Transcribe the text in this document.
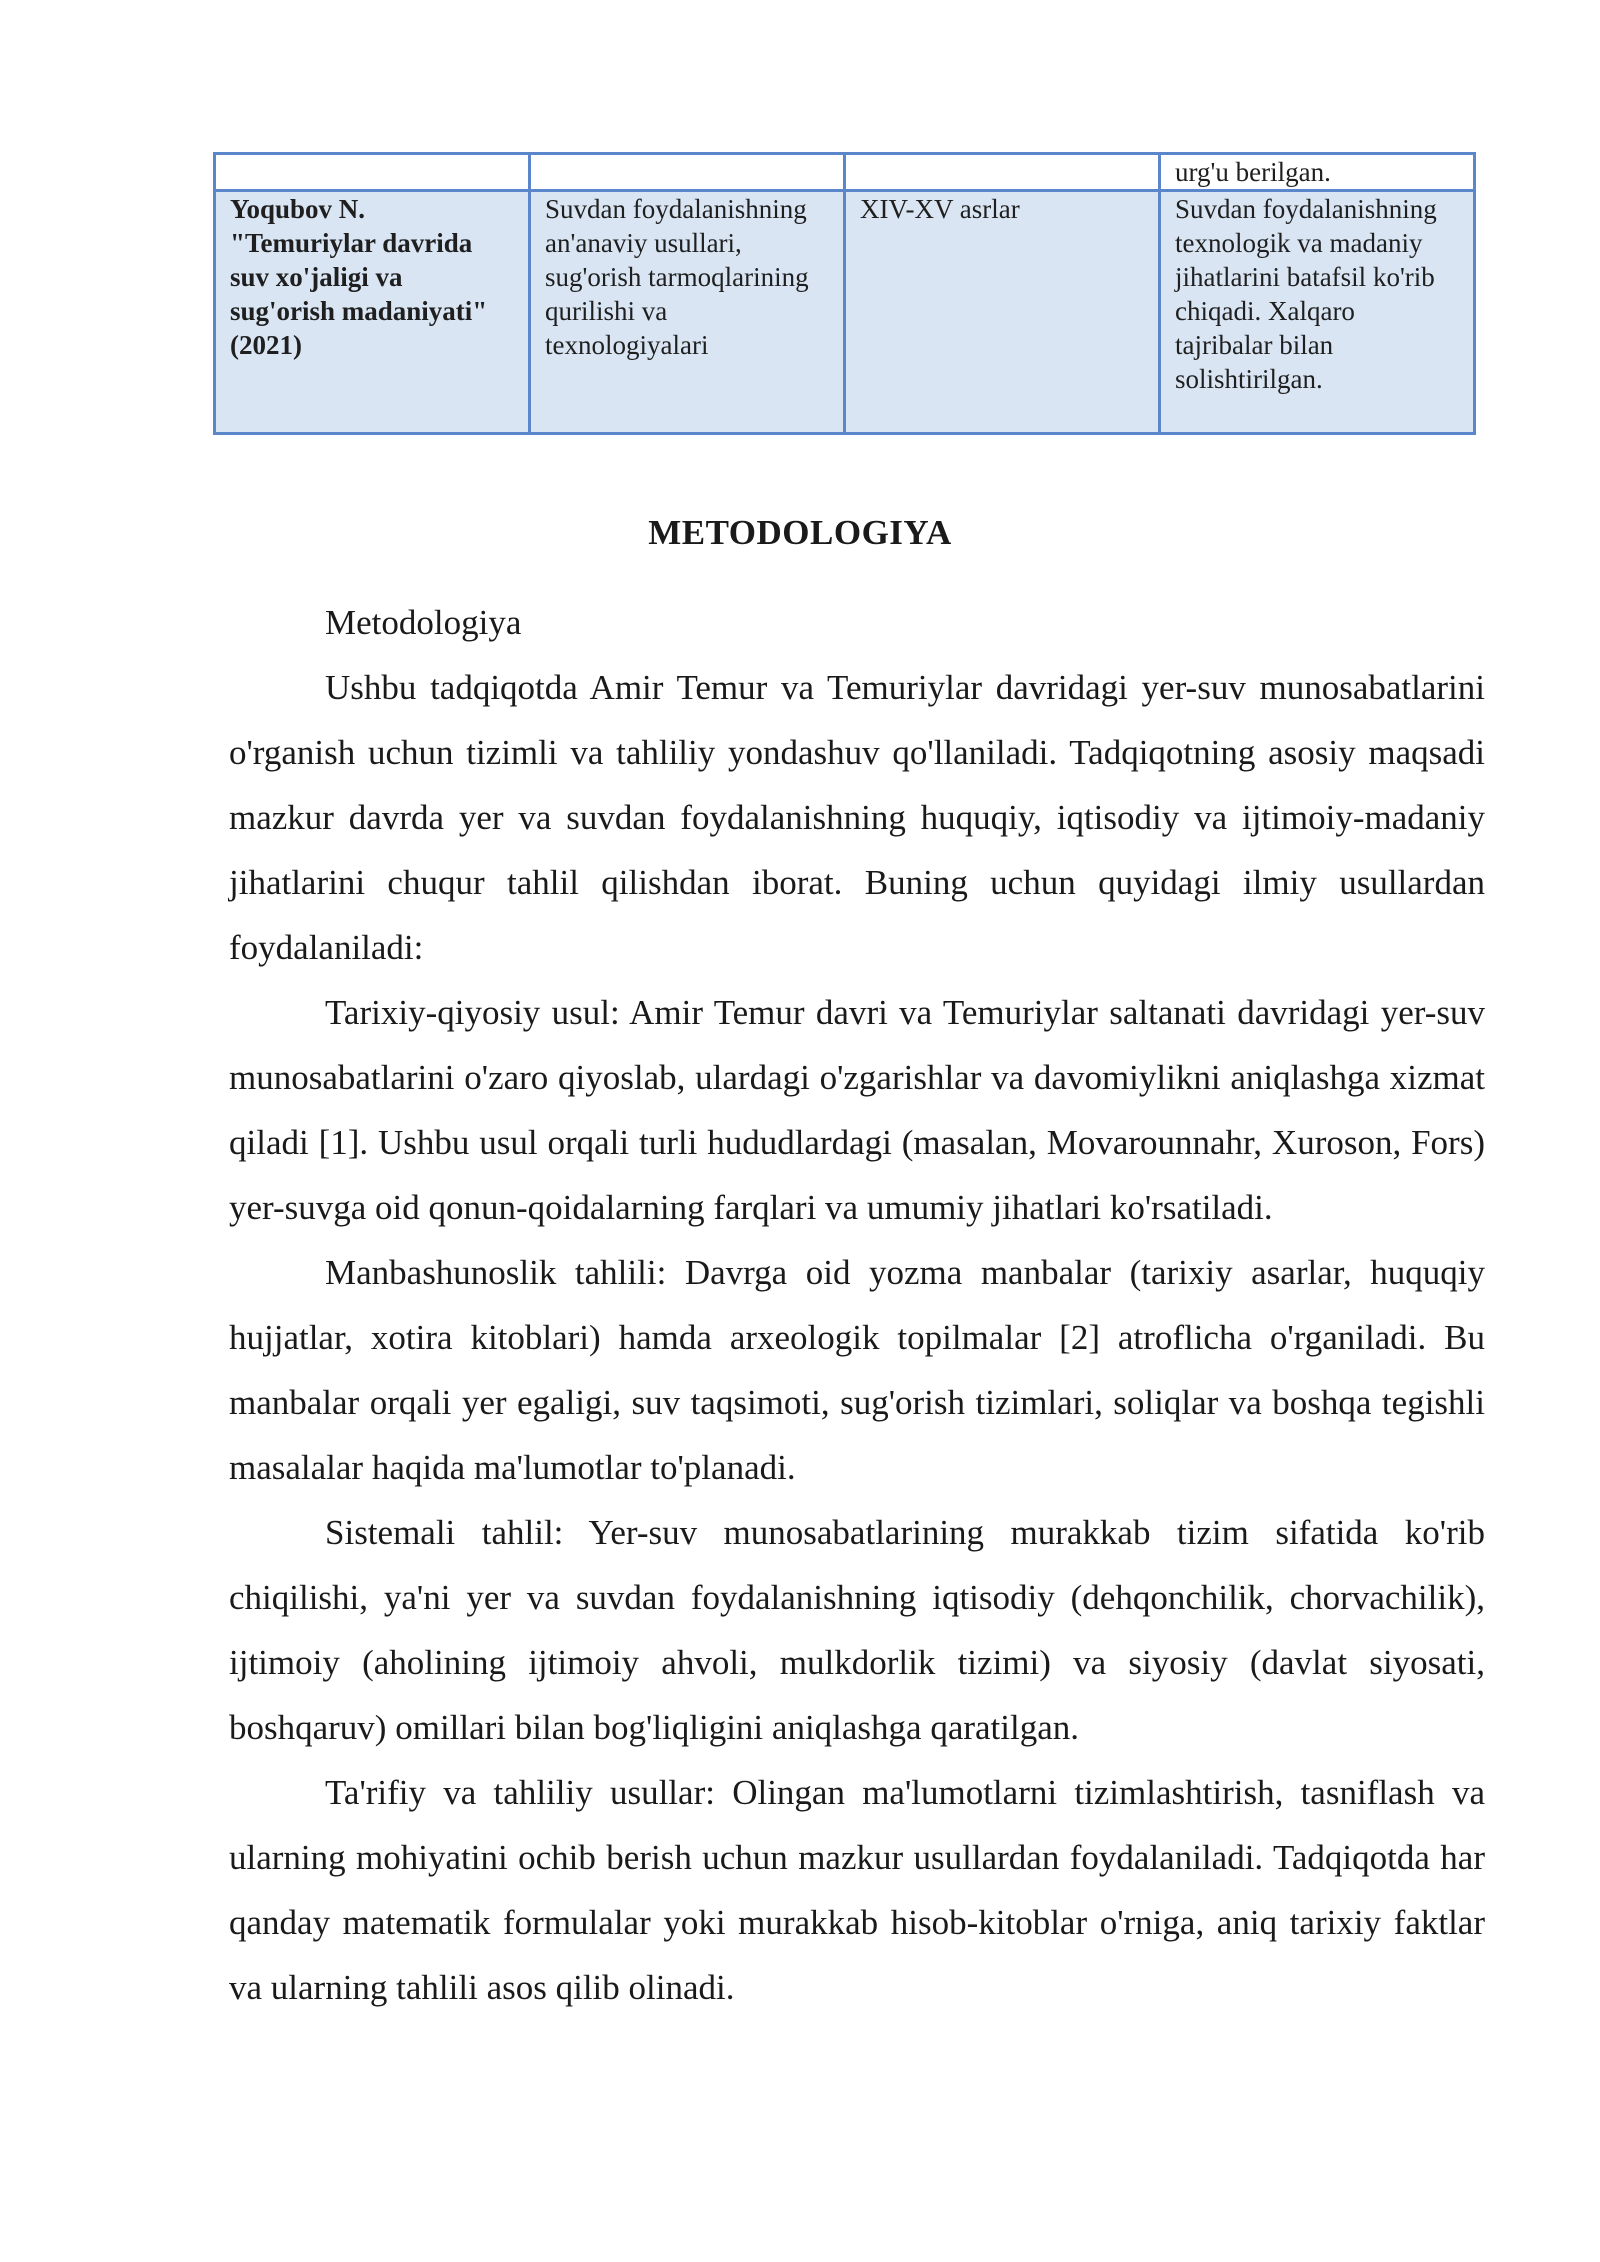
			urg'u berilgan.
Yoqubov N. "Temuriylar davrida suv xo'jaligi va sug'orish madaniyati" (2021)	Suvdan foydalanishning an'anaviy usullari, sug'orish tarmoqlarining qurilishi va texnologiyalari	XIV-XV asrlar	Suvdan foydalanishning texnologik va madaniy jihatlarini batafsil ko'rib chiqadi. Xalqaro tajribalar bilan solishtirilgan.
METODOLOGIYA

Metodologiya

Ushbu tadqiqotda Amir Temur va Temuriylar davridagi yer-suv munosabatlarini o'rganish uchun tizimli va tahliliy yondashuv qo'llaniladi. Tadqiqotning asosiy maqsadi mazkur davrda yer va suvdan foydalanishning huquqiy, iqtisodiy va ijtimoiy-madaniy jihatlarini chuqur tahlil qilishdan iborat. Buning uchun quyidagi ilmiy usullardan foydalaniladi:

Tarixiy-qiyosiy usul: Amir Temur davri va Temuriylar saltanati davridagi yer-suv munosabatlarini o'zaro qiyoslab, ulardagi o'zgarishlar va davomiylikni aniqlashga xizmat qiladi [1]. Ushbu usul orqali turli hududlardagi (masalan, Movarounnahr, Xuroson, Fors) yer-suvga oid qonun-qoidalarning farqlari va umumiy jihatlari ko'rsatiladi.

Manbashunoslik tahlili: Davrga oid yozma manbalar (tarixiy asarlar, huquqiy hujjatlar, xotira kitoblari) hamda arxeologik topilmalar [2] atroflicha o'rganiladi. Bu manbalar orqali yer egaligi, suv taqsimoti, sug'orish tizimlari, soliqlar va boshqa tegishli masalalar haqida ma'lumotlar to'planadi.

Sistemali tahlil: Yer-suv munosabatlarining murakkab tizim sifatida ko'rib chiqilishi, ya'ni yer va suvdan foydalanishning iqtisodiy (dehqonchilik, chorvachilik), ijtimoiy (aholining ijtimoiy ahvoli, mulkdorlik tizimi) va siyosiy (davlat siyosati, boshqaruv) omillari bilan bog'liqligini aniqlashga qaratilgan.

Ta'rifiy va tahliliy usullar: Olingan ma'lumotlarni tizimlashtirish, tasniflash va ularning mohiyatini ochib berish uchun mazkur usullardan foydalaniladi. Tadqiqotda har qanday matematik formulalar yoki murakkab hisob-kitoblar o'rniga, aniq tarixiy faktlar va ularning tahlili asos qilib olinadi.
